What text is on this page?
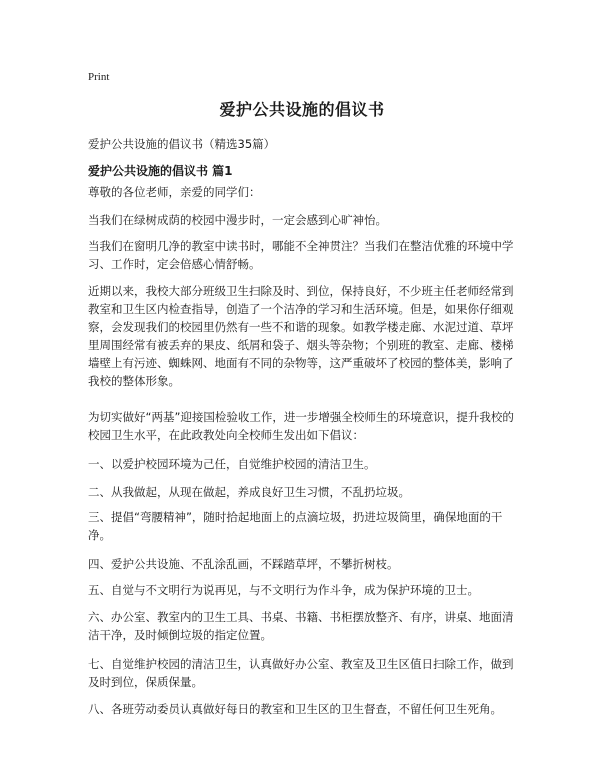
Print
爱护公共设施的倡议书
爱护公共设施的倡议书（精选35篇）
爱护公共设施的倡议书 篇1

尊敬的各位老师，亲爱的同学们：

当我们在绿树成荫的校园中漫步时，一定会感到心旷神怡。

当我们在窗明几净的教室中读书时，哪能不全神贯注？当我们在整洁优雅的环境中学习、工作时，定会倍感心情舒畅。

近期以来，我校大部分班级卫生扫除及时、到位，保持良好，不少班主任老师经常到教室和卫生区内检查指导，创造了一个洁净的学习和生活环境。但是，如果你仔细观察，会发现我们的校园里仍然有一些不和谐的现象。如教学楼走廊、水泥过道、草坪里周围经常有被丢弃的果皮、纸屑和袋子、烟头等杂物；个别班的教室、走廊、楼梯墙壁上有污迹、蜘蛛网、地面有不同的杂物等，这严重破坏了校园的整体美，影响了我校的整体形象。

为切实做好“两基”迎接国检验收工作，进一步增强全校师生的环境意识，提升我校的校园卫生水平，在此政教处向全校师生发出如下倡议：

一、以爱护校园环境为己任，自觉维护校园的清洁卫生。

二、从我做起，从现在做起，养成良好卫生习惯，不乱扔垃圾。

三、提倡“弯腰精神”，随时拾起地面上的点滴垃圾，扔进垃圾筒里，确保地面的干净。

四、爱护公共设施、不乱涂乱画，不踩踏草坪，不攀折树枝。

五、自觉与不文明行为说再见，与不文明行为作斗争，成为保护环境的卫士。

六、办公室、教室内的卫生工具、书桌、书籍、书柜摆放整齐、有序，讲桌、地面清洁干净，及时倾倒垃圾的指定位置。

七、自觉维护校园的清洁卫生，认真做好办公室、教室及卫生区值日扫除工作，做到及时到位，保质保量。

八、各班劳动委员认真做好每日的教室和卫生区的卫生督查，不留任何卫生死角。
